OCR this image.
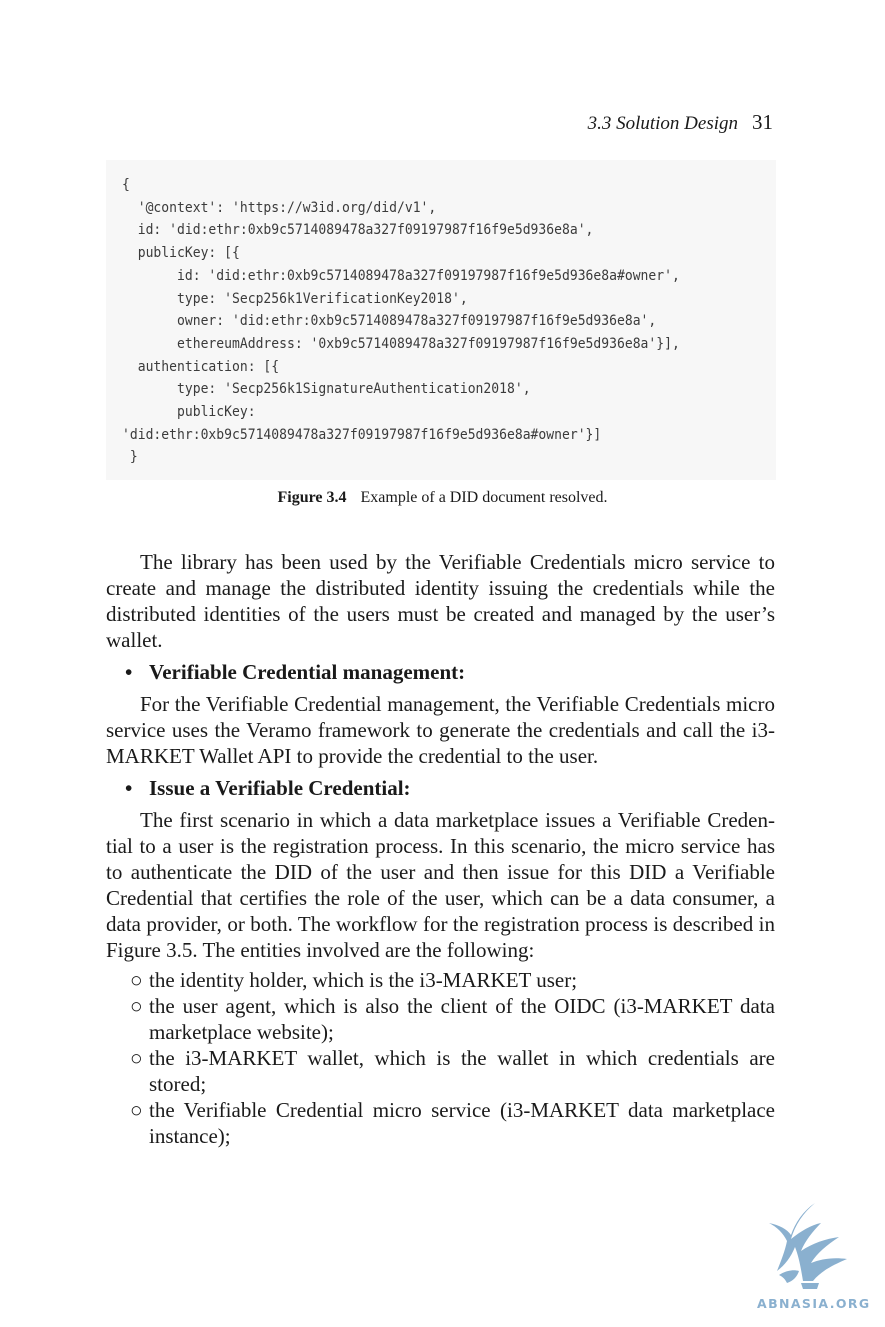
3.3 Solution Design 31
{
'@context': 'https://w3id.org/did/v1',
id: 'did:ethr:0xb9c5714089478a327f09197987f16f9e5d936e8a',
publicKey: [{
id: 'did:ethr:0xb9c5714089478a327f09197987f16f9e5d936e8a#owner',
type: 'Secp256k1VerificationKey2018',
owner: 'did:ethr:0xb9c5714089478a327f09197987f16f9e5d936e8a',
ethereumAddress: '0xb9c5714089478a327f09197987f16f9e5d936e8a'}],
authentication: [{
type: 'Secp256k1SignatureAuthentication2018',
publicKey:
'did:ethr:0xb9c5714089478a327f09197987f16f9e5d936e8a#owner'}]
}
Figure 3.4 Example of a DID document resolved.

The library has been used by the Verifiable Credentials micro service to create and manage the distributed identity issuing the credentials while the distributed identities of the users must be created and managed by the user’s wallet.

• Verifiable Credential management:

For the Verifiable Credential management, the Verifiable Credentials micro service uses the Veramo framework to generate the credentials and call the i3-MARKET Wallet API to provide the credential to the user.

• Issue a Verifiable Credential:

The first scenario in which a data marketplace issues a Verifiable Creden-tial to a user is the registration process. In this scenario, the micro service has to authenticate the DID of the user and then issue for this DID a Verifiable Credential that certifies the role of the user, which can be a data consumer, a data provider, or both. The workflow for the registration process is described in Figure 3.5. The entities involved are the following:

○ the identity holder, which is the i3-MARKET user;
○ the user agent, which is also the client of the OIDC (i3-MARKET data marketplace website);
○ the i3-MARKET wallet, which is the wallet in which credentials are stored;
○ the Verifiable Credential micro service (i3-MARKET data marketplace instance);
ABNASIA.ORG
